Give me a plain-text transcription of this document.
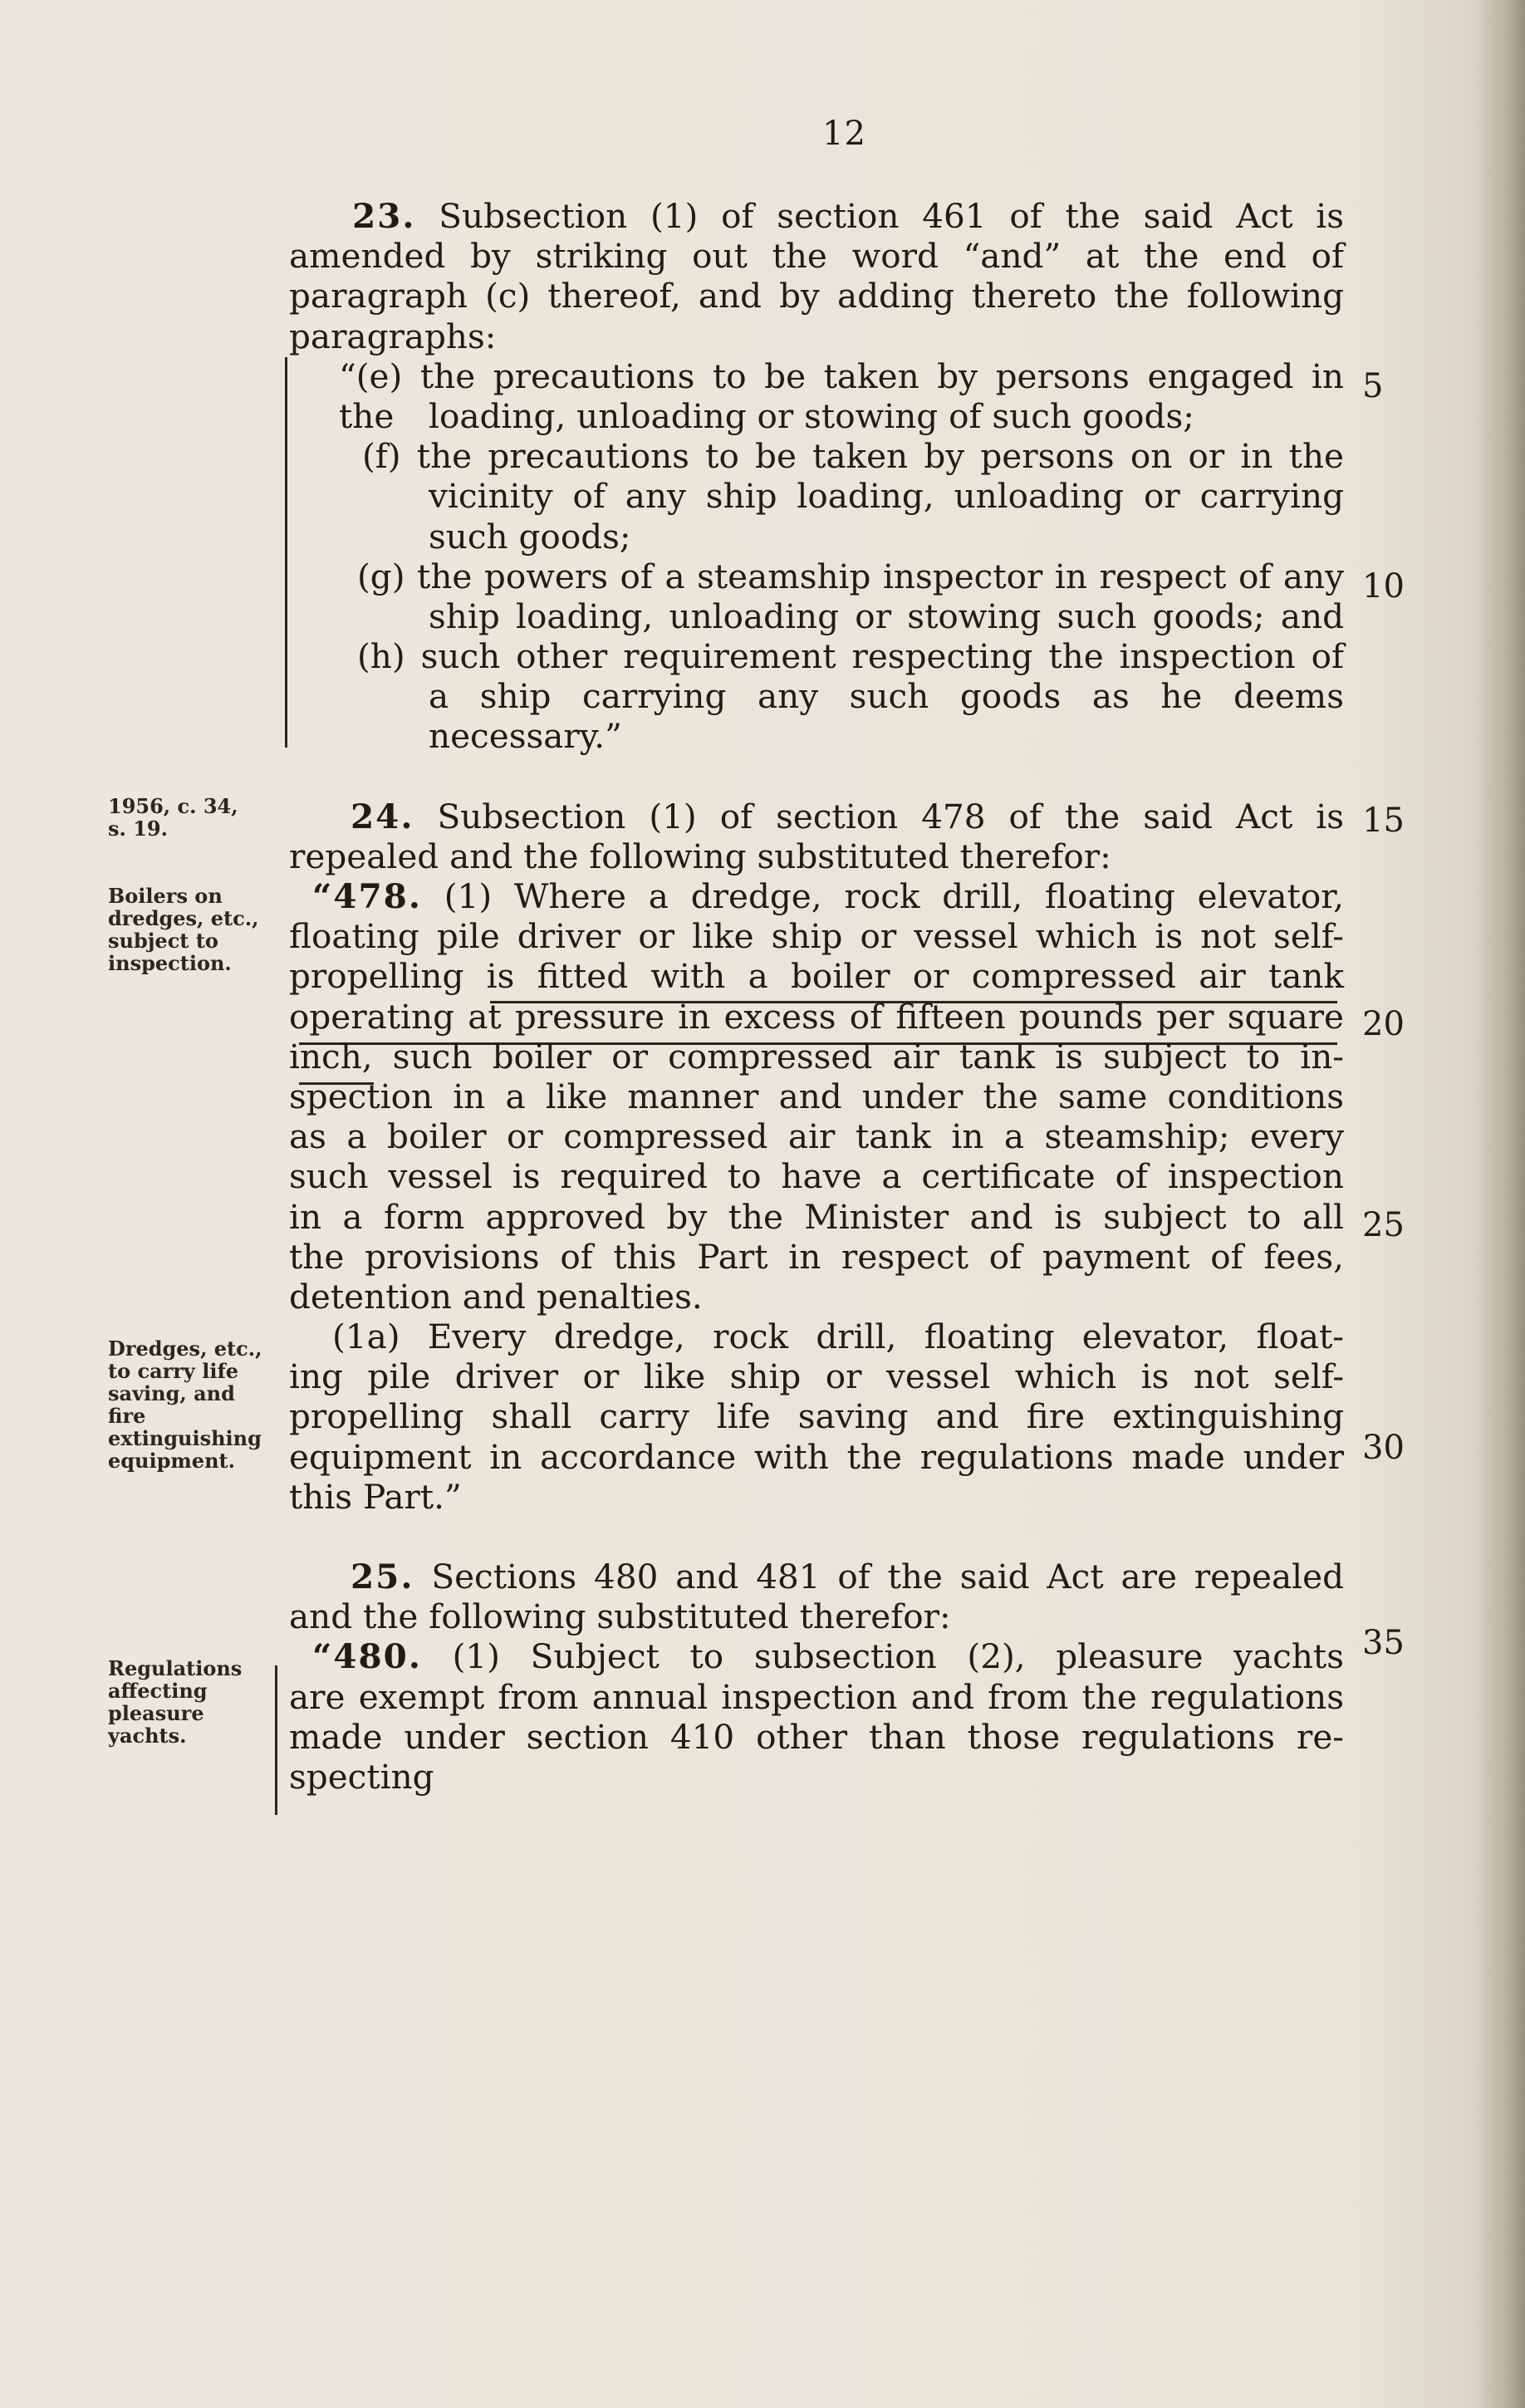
12
1956, c. 34,
s. 19.
Boilers on
dredges, etc.,
subject to
inspection.
Dredges, etc.,
to carry life
saving, and
fire
extinguishing
equipment.
Regulations
affecting
pleasure
yachts.
5
10
15
20
25
30
35
23. Subsection (1) of section 461 of the said Act is
amended by striking out the word “and” at the end of
paragraph (c) thereof, and by adding thereto the following
paragraphs:
“(e) the precautions to be taken by persons engaged in the	loading, unloading or stowing of such goods;
(f) the precautions to be taken by persons on or in the
vicinity of any ship loading, unloading or carrying
such goods;
(g) the powers of a steamship inspector in respect of any
ship loading, unloading or stowing such goods; and
(h) such other requirement respecting the inspection of
a ship carrying any such goods as he deems
necessary.”
24. Subsection (1) of section 478 of the said Act is
repealed and the following substituted therefor:
“478. (1) Where a dredge, rock drill, floating elevator,
floating pile driver or like ship or vessel which is not self-
propelling is fitted with a boiler or compressed air tank
operating at pressure in excess of fifteen pounds per square
inch, such boiler or compressed air tank is subject to in-
spection in a like manner and under the same conditions
as a boiler or compressed air tank in a steamship; every
such vessel is required to have a certificate of inspection
in a form approved by the Minister and is subject to all
the provisions of this Part in respect of payment of fees,
detention and penalties.
(1a) Every dredge, rock drill, floating elevator, float-
ing pile driver or like ship or vessel which is not self-
propelling shall carry life saving and fire extinguishing
equipment in accordance with the regulations made under
this Part.”
25. Sections 480 and 481 of the said Act are repealed
and the following substituted therefor:
“480. (1) Subject to subsection (2), pleasure yachts
are exempt from annual inspection and from the regulations
made under section 410 other than those regulations re-
specting
